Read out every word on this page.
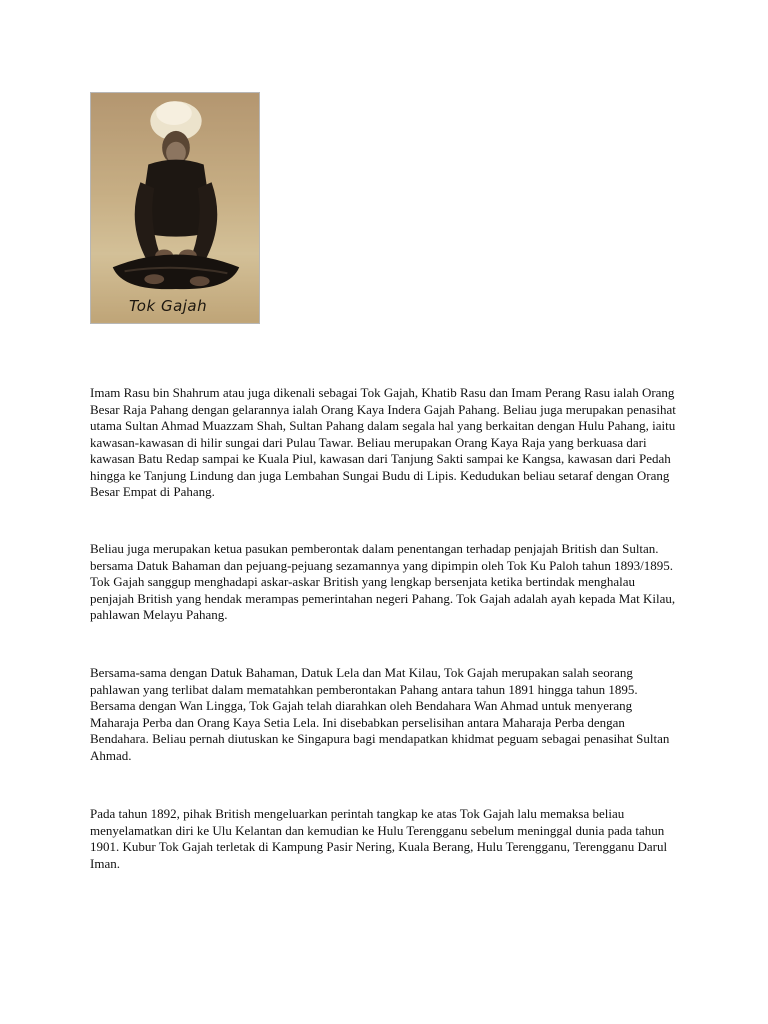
Tok Gajah

Imam Rasu bin Shahrum atau juga dikenali sebagai Tok Gajah, Khatib Rasu dan Imam Perang Rasu ialah Orang Besar Raja Pahang dengan gelarannya ialah Orang Kaya Indera Gajah Pahang. Beliau juga merupakan penasihat utama Sultan Ahmad Muazzam Shah, Sultan Pahang dalam segala hal yang berkaitan dengan Hulu Pahang, iaitu kawasan-kawasan di hilir sungai dari Pulau Tawar. Beliau merupakan Orang Kaya Raja yang berkuasa dari kawasan Batu Redap sampai ke Kuala Piul, kawasan dari Tanjung Sakti sampai ke Kangsa, kawasan dari Pedah hingga ke Tanjung Lindung dan juga Lembahan Sungai Budu di Lipis. Kedudukan beliau setaraf dengan Orang Besar Empat di Pahang.

Beliau juga merupakan ketua pasukan pemberontak dalam penentangan terhadap penjajah British dan Sultan. bersama Datuk Bahaman dan pejuang-pejuang sezamannya yang dipimpin oleh Tok Ku Paloh tahun 1893/1895. Tok Gajah sanggup menghadapi askar-askar British yang lengkap bersenjata ketika bertindak menghalau penjajah British yang hendak merampas pemerintahan negeri Pahang. Tok Gajah adalah ayah kepada Mat Kilau, pahlawan Melayu Pahang.

Bersama-sama dengan Datuk Bahaman, Datuk Lela dan Mat Kilau, Tok Gajah merupakan salah seorang pahlawan yang terlibat dalam mematahkan pemberontakan Pahang antara tahun 1891 hingga tahun 1895. Bersama dengan Wan Lingga, Tok Gajah telah diarahkan oleh Bendahara Wan Ahmad untuk menyerang Maharaja Perba dan Orang Kaya Setia Lela. Ini disebabkan perselisihan antara Maharaja Perba dengan Bendahara. Beliau pernah diutuskan ke Singapura bagi mendapatkan khidmat peguam sebagai penasihat Sultan Ahmad.

Pada tahun 1892, pihak British mengeluarkan perintah tangkap ke atas Tok Gajah lalu memaksa beliau menyelamatkan diri ke Ulu Kelantan dan kemudian ke Hulu Terengganu sebelum meninggal dunia pada tahun 1901. Kubur Tok Gajah terletak di Kampung Pasir Nering, Kuala Berang, Hulu Terengganu, Terengganu Darul Iman.
